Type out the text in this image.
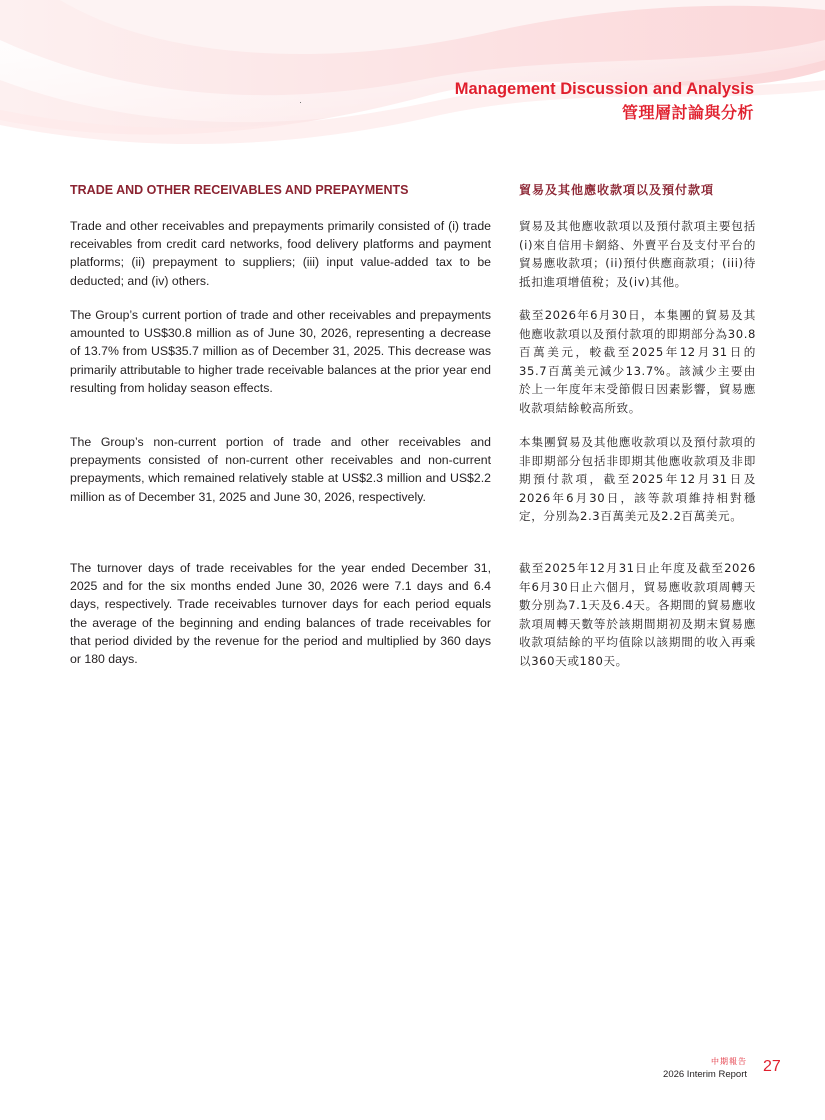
Management Discussion and Analysis
管理層討論與分析
TRADE AND OTHER RECEIVABLES AND PREPAYMENTS

Trade and other receivables and prepayments primarily consisted of (i) trade receivables from credit card networks, food delivery platforms and payment platforms; (ii) prepayment to suppliers; (iii) input value-added tax to be deducted; and (iv) others.

The Group’s current portion of trade and other receivables and prepayments amounted to US$30.8 million as of June 30, 2026, representing a decrease of 13.7% from US$35.7 million as of December 31, 2025. This decrease was primarily attributable to higher trade receivable balances at the prior year end resulting from holiday season effects.

The Group’s non-current portion of trade and other receivables and prepayments consisted of non-current other receivables and non-current prepayments, which remained relatively stable at US$2.3 million and US$2.2 million as of December 31, 2025 and June 30, 2026, respectively.

The turnover days of trade receivables for the year ended December 31, 2025 and for the six months ended June 30, 2026 were 7.1 days and 6.4 days, respectively. Trade receivables turnover days for each period equals the average of the beginning and ending balances of trade receivables for that period divided by the revenue for the period and multiplied by 360 days or 180 days.

貿易及其他應收款項以及預付款項

貿易及其他應收款項以及預付款項主要包括(i)來自信用卡網絡、外賣平台及支付平台的貿易應收款項；(ii)預付供應商款項；(iii)待抵扣進項增值稅；及(iv)其他。

截至2026年6月30日，本集團的貿易及其他應收款項以及預付款項的即期部分為30.8百萬美元，較截至2025年12月31日的35.7百萬美元減少13.7%。該減少主要由於上一年度年末受節假日因素影響，貿易應收款項結餘較高所致。

本集團貿易及其他應收款項以及預付款項的非即期部分包括非即期其他應收款項及非即期預付款項，截至2025年12月31日及2026年6月30日，該等款項維持相對穩定，分別為2.3百萬美元及2.2百萬美元。

截至2025年12月31日止年度及截至2026年6月30日止六個月，貿易應收款項周轉天數分別為7.1天及6.4天。各期間的貿易應收款項周轉天數等於該期間期初及期末貿易應收款項結餘的平均值除以該期間的收入再乘以360天或180天。

中期報告
2026 Interim Report 27
